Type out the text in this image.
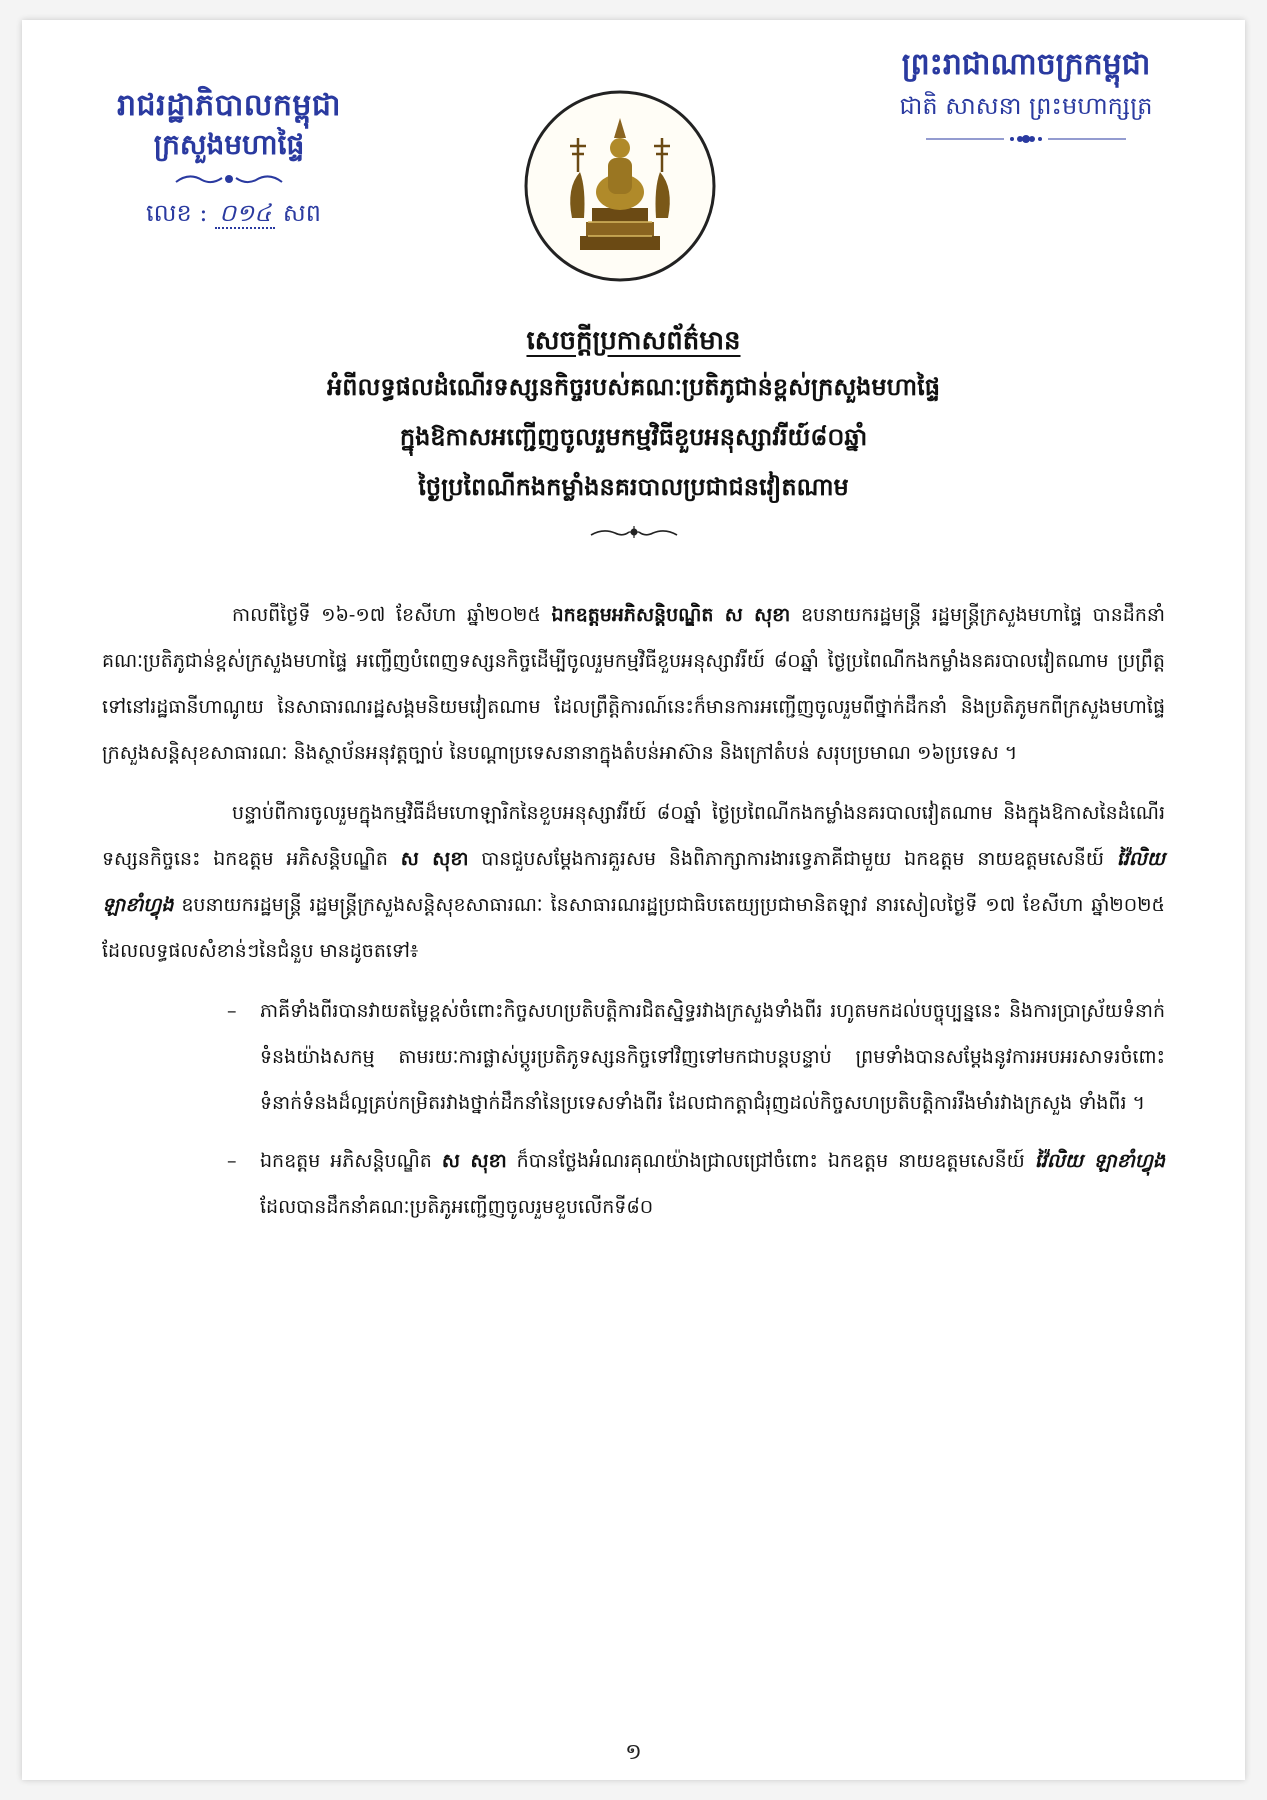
រាជរដ្ឋាភិបាលកម្ពុជា
ក្រសួងមហាផ្ទៃ
លេខ : ០១៤ សព
ព្រះរាជាណាចក្រកម្ពុជា
ជាតិ សាសនា ព្រះមហាក្សត្រ
សេចក្តីប្រកាសព័ត៌មាន
អំពីលទ្ធផលដំណើរទស្សនកិច្ចរបស់គណៈប្រតិភូជាន់ខ្ពស់ក្រសួងមហាផ្ទៃ
ក្នុងឱកាសអញ្ជើញចូលរួមកម្មវិធីខួបអនុស្សាវរីយ៍៨០ឆ្នាំ
ថ្ងៃប្រពៃណីកងកម្លាំងនគរបាលប្រជាជនវៀតណាម

កាលពីថ្ងៃទី ១៦-១៧ ខែសីហា ឆ្នាំ២០២៥ ឯកឧត្តមអភិសន្តិបណ្ឌិត ស សុខា ឧបនាយករដ្ឋមន្ត្រី រដ្ឋមន្ត្រីក្រសួងមហាផ្ទៃ បានដឹកនាំគណៈប្រតិភូជាន់ខ្ពស់ក្រសួងមហាផ្ទៃ អញ្ជើញបំពេញទស្សនកិច្ចដើម្បីចូលរួមកម្មវិធីខួបអនុស្សាវរីយ៍ ៨០ឆ្នាំ ថ្ងៃប្រពៃណីកងកម្លាំងនគរបាលវៀតណាម ប្រព្រឹត្តទៅនៅរដ្ឋធានីហាណូយ នៃសាធារណរដ្ឋសង្គមនិយមវៀតណាម ដែលព្រឹត្តិការណ៍នេះក៏មានការអញ្ជើញចូលរួមពីថ្នាក់ដឹកនាំ និងប្រតិភូមកពីក្រសួងមហាផ្ទៃ ក្រសួងសន្តិសុខសាធារណៈ និងស្ថាប័នអនុវត្តច្បាប់ នៃបណ្តាប្រទេសនានាក្នុងតំបន់អាស៊ាន និងក្រៅតំបន់ សរុបប្រមាណ ១៦ប្រទេស ។

បន្ទាប់ពីការចូលរួមក្នុងកម្មវិធីដ៏មហោឡារិកនៃខួបអនុស្សាវរីយ៍ ៨០ឆ្នាំ ថ្ងៃប្រពៃណីកងកម្លាំងនគរបាលវៀតណាម និងក្នុងឱកាសនៃដំណើរទស្សនកិច្ចនេះ ឯកឧត្តម អភិសន្តិបណ្ឌិត ស សុខា បានជួបសម្តែងការគួរសម និងពិភាក្សាការងារទ្វេភាគីជាមួយ ឯកឧត្តម នាយឧត្តមសេនីយ៍ វ៉ៃលិយ ឡាខាំហ្វុង ឧបនាយករដ្ឋមន្ត្រី រដ្ឋមន្ត្រីក្រសួងសន្តិសុខសាធារណៈ នៃសាធារណរដ្ឋប្រជាធិបតេយ្យប្រជាមានិតឡាវ នារសៀលថ្ងៃទី ១៧ ខែសីហា ឆ្នាំ២០២៥ ដែលលទ្ធផលសំខាន់ៗនៃជំនួប មានដូចតទៅ៖

– ភាគីទាំងពីរបានវាយតម្លៃខ្ពស់ចំពោះកិច្ចសហប្រតិបត្តិការជិតស្និទ្ធរវាងក្រសួងទាំងពីរ រហូតមកដល់បច្ចុប្បន្ននេះ និងការប្រាស្រ័យទំនាក់ទំនងយ៉ាងសកម្ម តាមរយៈការផ្លាស់ប្តូរប្រតិភូទស្សនកិច្ចទៅវិញទៅមកជាបន្តបន្ទាប់ ព្រមទាំងបានសម្តែងនូវការអបអរសាទរចំពោះទំនាក់ទំនងដ៏ល្អគ្រប់កម្រិតរវាងថ្នាក់ដឹកនាំនៃប្រទេសទាំងពីរ ដែលជាកត្តាជំរុញដល់កិច្ចសហប្រតិបត្តិការរឹងមាំរវាងក្រសួង ទាំងពីរ ។
– ឯកឧត្តម អភិសន្តិបណ្ឌិត ស សុខា ក៏បានថ្លែងអំណរគុណយ៉ាងជ្រាលជ្រៅចំពោះ ឯកឧត្តម នាយឧត្តមសេនីយ៍ វ៉ៃលិយ ឡាខាំហ្វុង ដែលបានដឹកនាំគណៈប្រតិភូអញ្ជើញចូលរួមខួបលើកទី៨០
១
